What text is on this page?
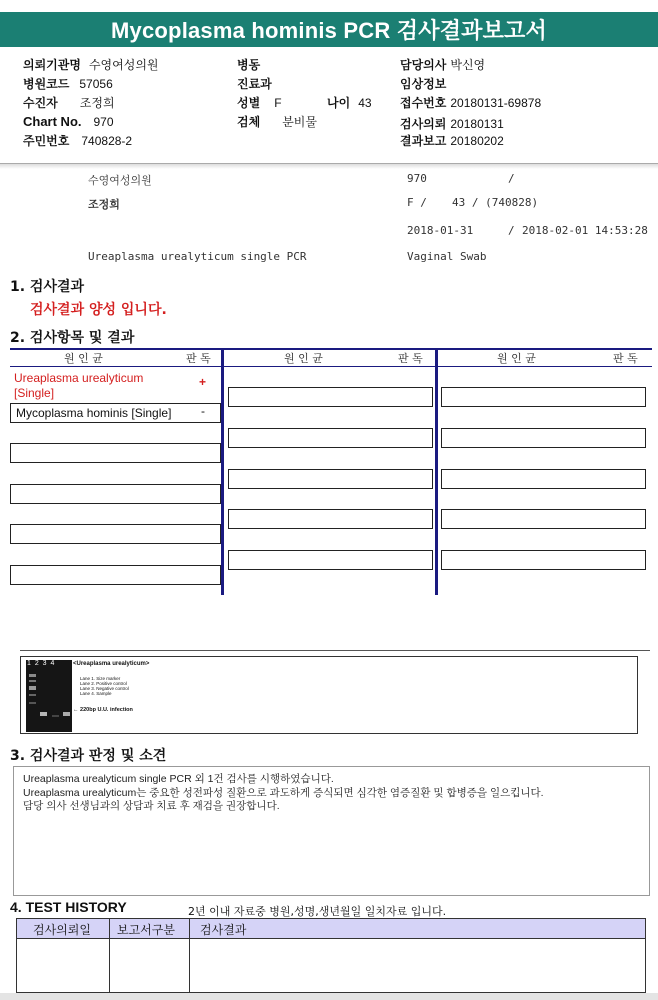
Mycoplasma hominis PCR 검사결과보고서
의뢰기관명 수영여성의원
병원코드 57056
수진자 조정희
Chart No. 970
주민번호 740828-2
병동
진료과
성별 F	나이 43
검체 분비물
담당의사 박신영
임상정보
접수번호 20180131-69878
검사의뢰 20180131
결과보고 20180202
수영여성의원	970	/
조정희	F / 43 / (740828)
2018-01-31	/ 2018-02-01 14:53:28
Ureaplasma urealyticum single PCR	Vaginal Swab
1. 검사결과
검사결과 양성 입니다.
2. 검사항목 및 결과
원 인 균	판 독	원 인 균	판 독	원 인 균	판 독
Ureaplasma urealyticum
[Single]
+
Mycoplasma hominis [Single] -
1 2 3 4	<Ureaplasma urealyticum>
Lane 1. Size marker
Lane 2. Positive control
Lane 3. Negative control
Lane 4. Sample
← 220bp U.U. infection
3. 검사결과 판정 및 소견
Ureaplasma urealyticum single PCR 외 1건 검사를 시행하였습니다.
Ureaplasma urealyticum는 중요한 성전파성 질환으로 과도하게 증식되면 심각한 염증질환 및 합병증을 일으킵니다.
담당 의사 선생님과의 상담과 치료 후 재검을 권장합니다.
4. TEST HISTORY	2년 이내 자료중 병원,성명,생년월일 일치자료 입니다.
검사의뢰일 보고서구분 검사결과
